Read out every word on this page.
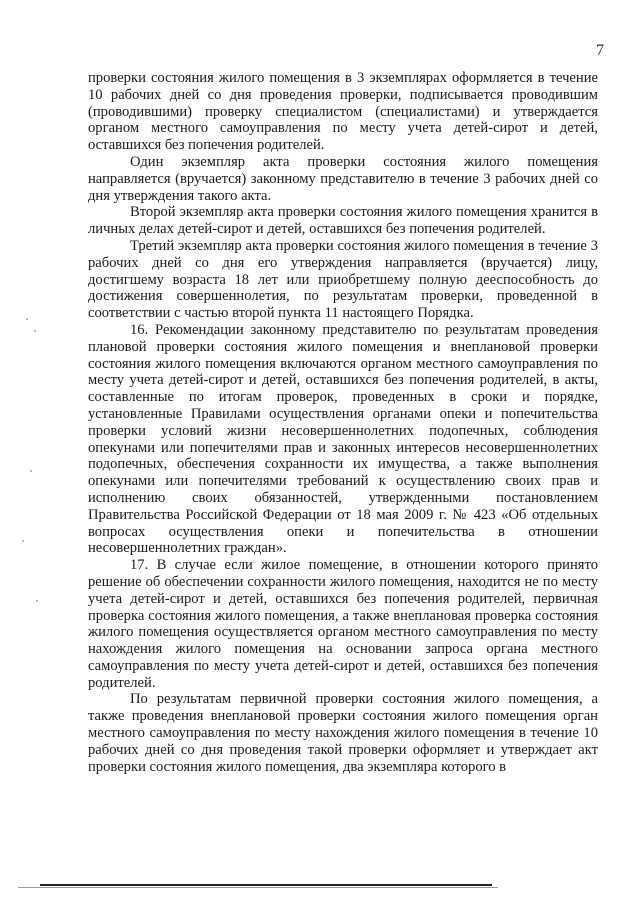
7

проверки состояния жилого помещения в 3 экземплярах оформляется в течение 10 рабочих дней со дня проведения проверки, подписывается проводившим (проводившими) проверку специалистом (специалистами) и утверждается органом местного самоуправления по месту учета детей-сирот и детей, оставшихся без попечения родителей.

Один экземпляр акта проверки состояния жилого помещения направляется (вручается) законному представителю в течение 3 рабочих дней со дня утверждения такого акта.

Второй экземпляр акта проверки состояния жилого помещения хранится в личных делах детей-сирот и детей, оставшихся без попечения родителей.

Третий экземпляр акта проверки состояния жилого помещения в течение 3 рабочих дней со дня его утверждения направляется (вручается) лицу, достигшему возраста 18 лет или приобретшему полную дееспособность до достижения совершеннолетия, по результатам проверки, проведенной в соответствии с частью второй пункта 11 настоящего Порядка.

16. Рекомендации законному представителю по результатам проведения плановой проверки состояния жилого помещения и внеплановой проверки состояния жилого помещения включаются органом местного самоуправления по месту учета детей-сирот и детей, оставшихся без попечения родителей, в акты, составленные по итогам проверок, проведенных в сроки и порядке, установленные Правилами осуществления органами опеки и попечительства проверки условий жизни несовершеннолетних подопечных, соблюдения опекунами или попечителями прав и законных интересов несовершеннолетних подопечных, обеспечения сохранности их имущества, а также выполнения опекунами или попечителями требований к осуществлению своих прав и исполнению своих обязанностей, утвержденными постановлением Правительства Российской Федерации от 18 мая 2009 г. № 423 «Об отдельных вопросах осуществления опеки и попечительства в отношении несовершеннолетних граждан».

17. В случае если жилое помещение, в отношении которого принято решение об обеспечении сохранности жилого помещения, находится не по месту учета детей-сирот и детей, оставшихся без попечения родителей, первичная проверка состояния жилого помещения, а также внеплановая проверка состояния жилого помещения осуществляется органом местного самоуправления по месту нахождения жилого помещения на основании запроса органа местного самоуправления по месту учета детей-сирот и детей, оставшихся без попечения родителей.

По результатам первичной проверки состояния жилого помещения, а также проведения внеплановой проверки состояния жилого помещения орган местного самоуправления по месту нахождения жилого помещения в течение 10 рабочих дней со дня проведения такой проверки оформляет и утверждает акт проверки состояния жилого помещения, два экземпляра которого в
